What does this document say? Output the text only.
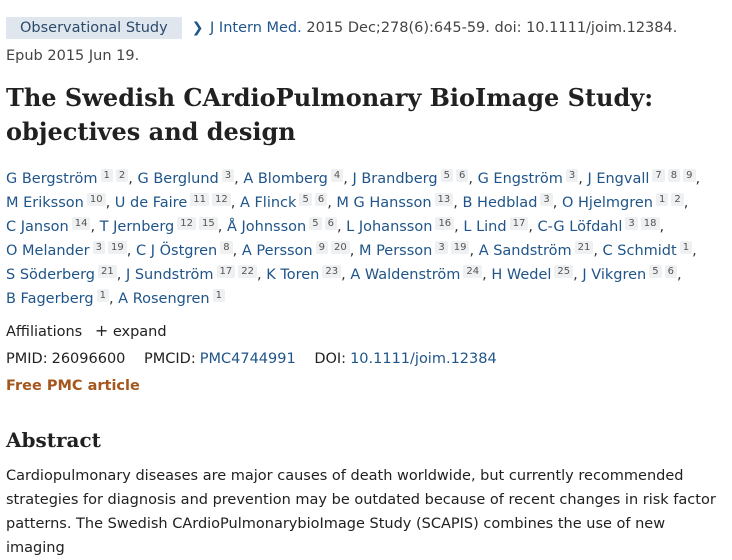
Observational Study ❯ J Intern Med. 2015 Dec;278(6):645-59. doi: 10.1111/joim.12384.
Epub 2015 Jun 19.
The Swedish CArdioPulmonary BioImage Study: objectives and design
G Bergström 1 2 , G Berglund 3 , A Blomberg 4 , J Brandberg 5 6 , G Engström 3 , J Engvall 7 8 9 , M Eriksson 10 , U de Faire 11 12 , A Flinck 5 6 , M G Hansson 13 , B Hedblad 3 , O Hjelmgren 1 2 , C Janson 14 , T Jernberg 12 15 , Å Johnsson 5 6 , L Johansson 16 , L Lind 17 , C-G Löfdahl 3 18 , O Melander 3 19 , C J Östgren 8 , A Persson 9 20 , M Persson 3 19 , A Sandström 21 , C Schmidt 1 , S Söderberg 21 , J Sundström 17 22 , K Toren 23 , A Waldenström 24 , H Wedel 25 , J Vikgren 5 6 , B Fagerberg 1 , A Rosengren 1
Affiliations + expand
PMID: 26096600 PMCID: PMC4744991 DOI: 10.1111/joim.12384
Free PMC article
Abstract
Cardiopulmonary diseases are major causes of death worldwide, but currently recommended strategies for diagnosis and prevention may be outdated because of recent changes in risk factor patterns. The Swedish CArdioPulmonarybioImage Study (SCAPIS) combines the use of new imaging
